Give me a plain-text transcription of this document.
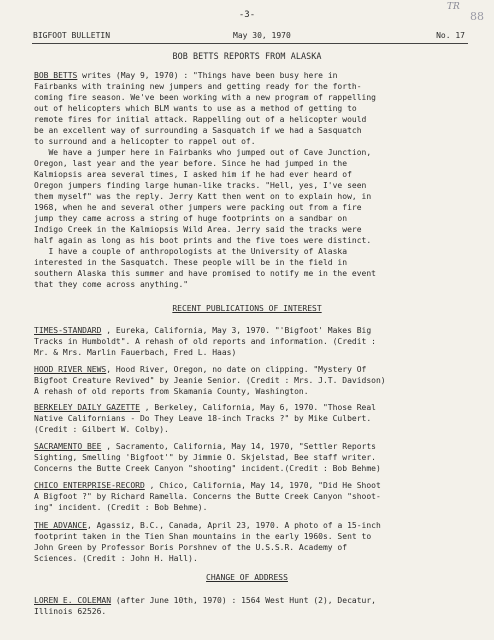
TR
88
-3-
BIGFOOT BULLETIN	May 30, 1970	No. 17
BOB BETTS REPORTS FROM ALASKA
BOB BETTS writes (May 9, 1970) : "Things have been busy here in
Fairbanks with training new jumpers and getting ready for the forth-
coming fire season. We've been working with a new program of rappelling
out of helicopters which BLM wants to use as a method of getting to
remote fires for initial attack. Rappelling out of a helicopter would
be an excellent way of surrounding a Sasquatch if we had a Sasquatch
to surround and a helicopter to rappel out of.
We have a jumper here in Fairbanks who jumped out of Cave Junction,
Oregon, last year and the year before. Since he had jumped in the
Kalmiopsis area several times, I asked him if he had ever heard of
Oregon jumpers finding large human-like tracks. "Hell, yes, I've seen
them myself" was the reply. Jerry Katt then went on to explain how, in
1968, when he and several other jumpers were packing out from a fire
jump they came across a string of huge footprints on a sandbar on
Indigo Creek in the Kalmiopsis Wild Area. Jerry said the tracks were
half again as long as his boot prints and the five toes were distinct.
I have a couple of anthropologists at the University of Alaska
interested in the Sasquatch. These people will be in the field in
southern Alaska this summer and have promised to notify me in the event
that they come across anything."
RECENT PUBLICATIONS OF INTEREST
TIMES-STANDARD , Eureka, California, May 3, 1970. "'Bigfoot' Makes Big
Tracks in Humboldt". A rehash of old reports and information. (Credit :
Mr. & Mrs. Marlin Fauerbach, Fred L. Haas)
HOOD RIVER NEWS, Hood River, Oregon, no date on clipping. "Mystery Of
Bigfoot Creature Revived" by Jeanie Senior. (Credit : Mrs. J.T. Davidson)
A rehash of old reports from Skamania County, Washington.
BERKELEY DAILY GAZETTE , Berkeley, California, May 6, 1970. "Those Real
Native Californians - Do They Leave 18-inch Tracks ?" by Mike Culbert.
(Credit : Gilbert W. Colby).
SACRAMENTO BEE , Sacramento, California, May 14, 1970, "Settler Reports
Sighting, Smelling 'Bigfoot'" by Jimmie O. Skjelstad, Bee staff writer.
Concerns the Butte Creek Canyon "shooting" incident.(Credit : Bob Behme)
CHICO ENTERPRISE-RECORD , Chico, California, May 14, 1970, "Did He Shoot
A Bigfoot ?" by Richard Ramella. Concerns the Butte Creek Canyon "shoot-
ing" incident. (Credit : Bob Behme).
THE ADVANCE, Agassiz, B.C., Canada, April 23, 1970. A photo of a 15-inch
footprint taken in the Tien Shan mountains in the early 1960s. Sent to
John Green by Professor Boris Porshnev of the U.S.S.R. Academy of
Sciences. (Credit : John H. Hall).
CHANGE OF ADDRESS
LOREN E. COLEMAN (after June 10th, 1970) : 1564 West Hunt (2), Decatur,
Illinois 62526.
